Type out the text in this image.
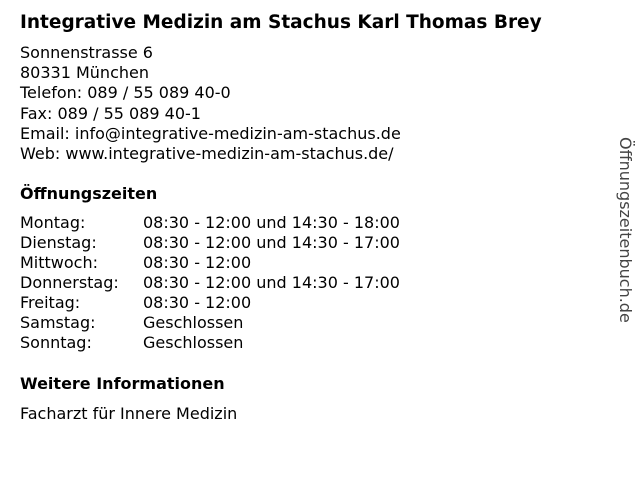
Integrative Medizin am Stachus Karl Thomas Brey
Sonnenstrasse 6
80331 München
Telefon: 089 / 55 089 40-0
Fax: 089 / 55 089 40-1
Email: info@integrative-medizin-am-stachus.de
Web: www.integrative-medizin-am-stachus.de/
Öffnungszeiten
Montag:	08:30 - 12:00 und 14:30 - 18:00
Dienstag:	08:30 - 12:00 und 14:30 - 17:00
Mittwoch:	08:30 - 12:00
Donnerstag: 08:30 - 12:00 und 14:30 - 17:00
Freitag:	08:30 - 12:00
Samstag:	Geschlossen
Sonntag:	Geschlossen
Weitere Informationen
Facharzt für Innere Medizin
Öffnungszeitenbuch.de
